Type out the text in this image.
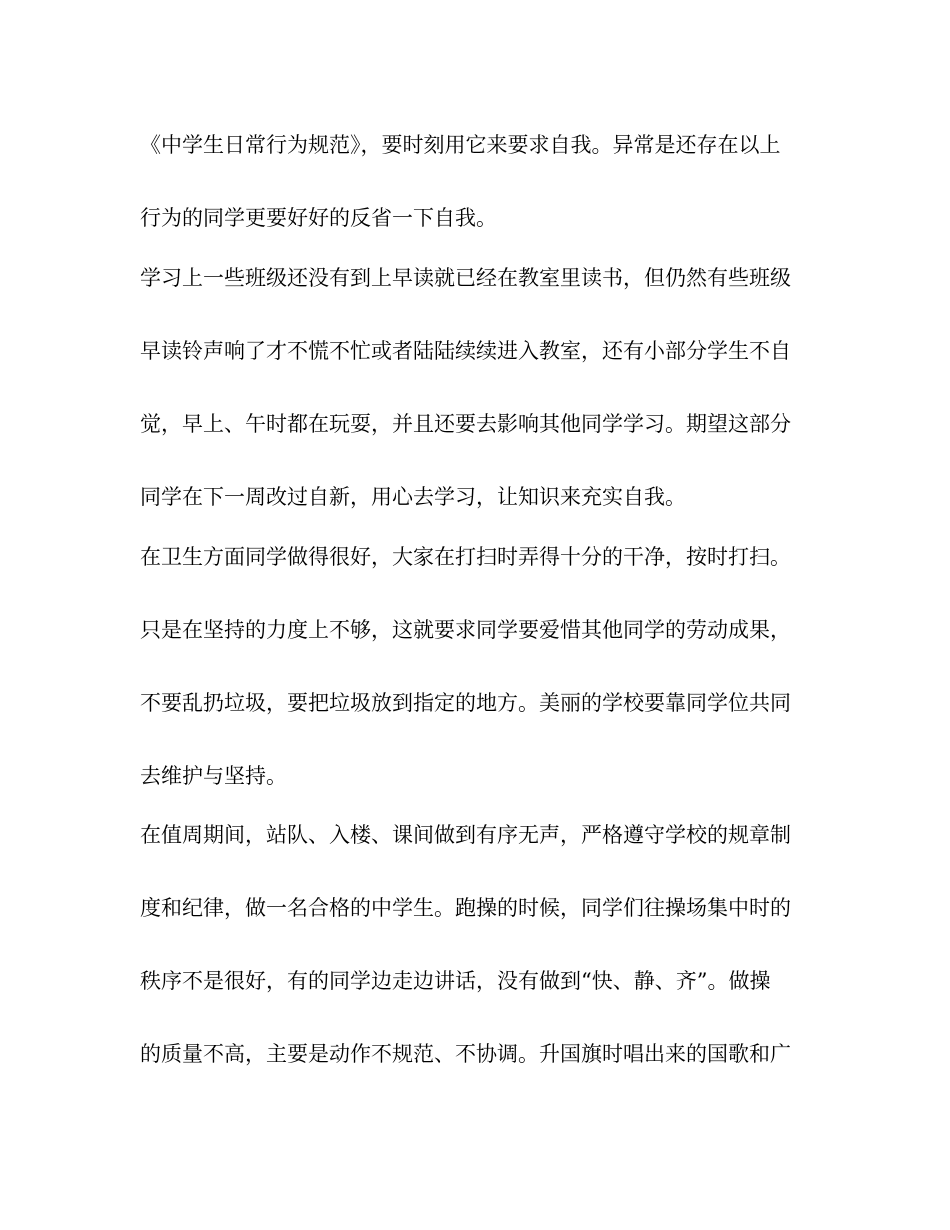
《中学生日常行为规范》，要时刻用它来要求自我。异常是还存在以上
行为的同学更要好好的反省一下自我。
学习上一些班级还没有到上早读就已经在教室里读书，但仍然有些班级
早读铃声响了才不慌不忙或者陆陆续续进入教室，还有小部分学生不自
觉，早上、午时都在玩耍，并且还要去影响其他同学学习。期望这部分
同学在下一周改过自新，用心去学习，让知识来充实自我。
在卫生方面同学做得很好，大家在打扫时弄得十分的干净，按时打扫。
只是在坚持的力度上不够，这就要求同学要爱惜其他同学的劳动成果，
不要乱扔垃圾，要把垃圾放到指定的地方。美丽的学校要靠同学位共同
去维护与坚持。
在值周期间，站队、入楼、课间做到有序无声，严格遵守学校的规章制
度和纪律，做一名合格的中学生。跑操的时候，同学们往操场集中时的
秩序不是很好，有的同学边走边讲话，没有做到“快、静、齐”。做操
的质量不高，主要是动作不规范、不协调。升国旗时唱出来的国歌和广
